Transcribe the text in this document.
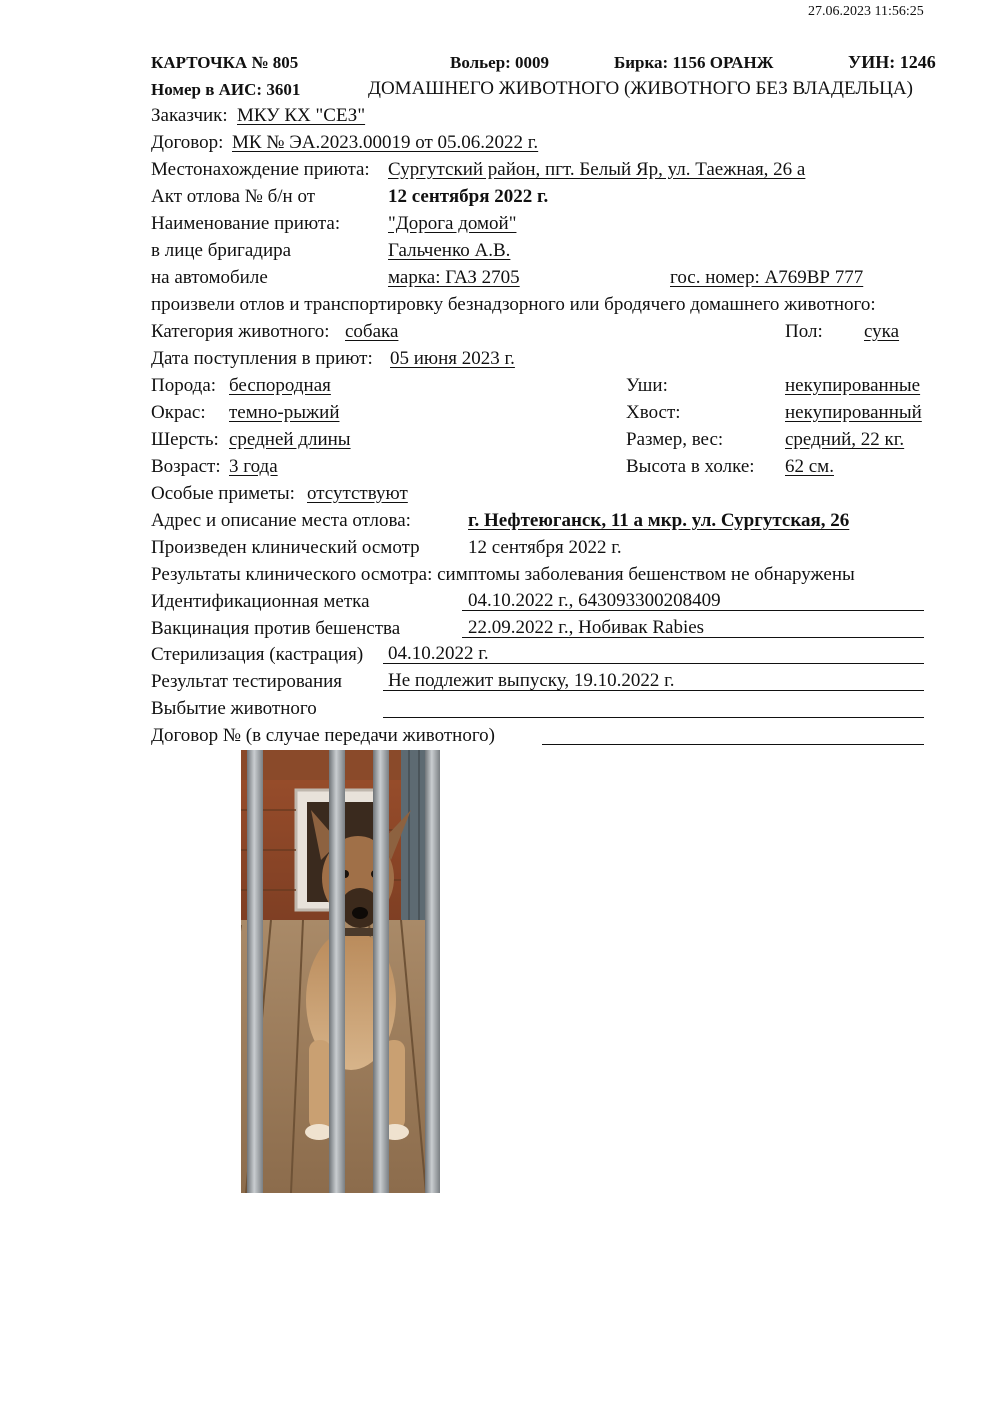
27.06.2023 11:56:25
КАРТОЧКА № 805	Вольер: 0009	Бирка: 1156 ОРАНЖ	УИН: 1246
Номер в АИС: 3601	ДОМАШНЕГО ЖИВОТНОГО (ЖИВОТНОГО БЕЗ ВЛАДЕЛЬЦА)
Заказчик: МКУ КХ "СЕЗ"
Договор: МК № ЭА.2023.00019 от 05.06.2022 г.
Местонахождение приюта: Сургутский район, пгт. Белый Яр, ул. Таежная, 26 а
Акт отлова № б/н от	12 сентября 2022 г.
Наименование приюта:	"Дорога домой"
в лице бригадира	Гальченко А.В.
на автомобиле	марка: ГАЗ 2705	гос. номер: А769ВР 777
произвели отлов и транспортировку безнадзорного или бродячего домашнего животного:
Категория животного: собака	Пол: сука
Дата поступления в приют: 05 июня 2023 г.
Порода: беспородная	Уши:	некупированные
Окрас: темно-рыжий	Хвост:	некупированный
Шерсть: средней длины	Размер, вес:	средний, 22 кг.
Возраст: 3 года	Высота в холке: 62 см.
Особые приметы: отсутствуют
Адрес и описание места отлова:	г. Нефтеюганск, 11 а мкр. ул. Сургутская, 26
Произведен клинический осмотр	12 сентября 2022 г.
Результаты клинического осмотра: симптомы заболевания бешенством не обнаружены
Идентификационная метка	04.10.2022 г., 643093300208409
Вакцинация против бешенства	22.09.2022 г., Нобивак Rabies
Стерилизация (кастрация) 04.10.2022 г.
Результат тестирования Не подлежит выпуску, 19.10.2022 г.
Выбытие животного
Договор № (в случае передачи животного)
